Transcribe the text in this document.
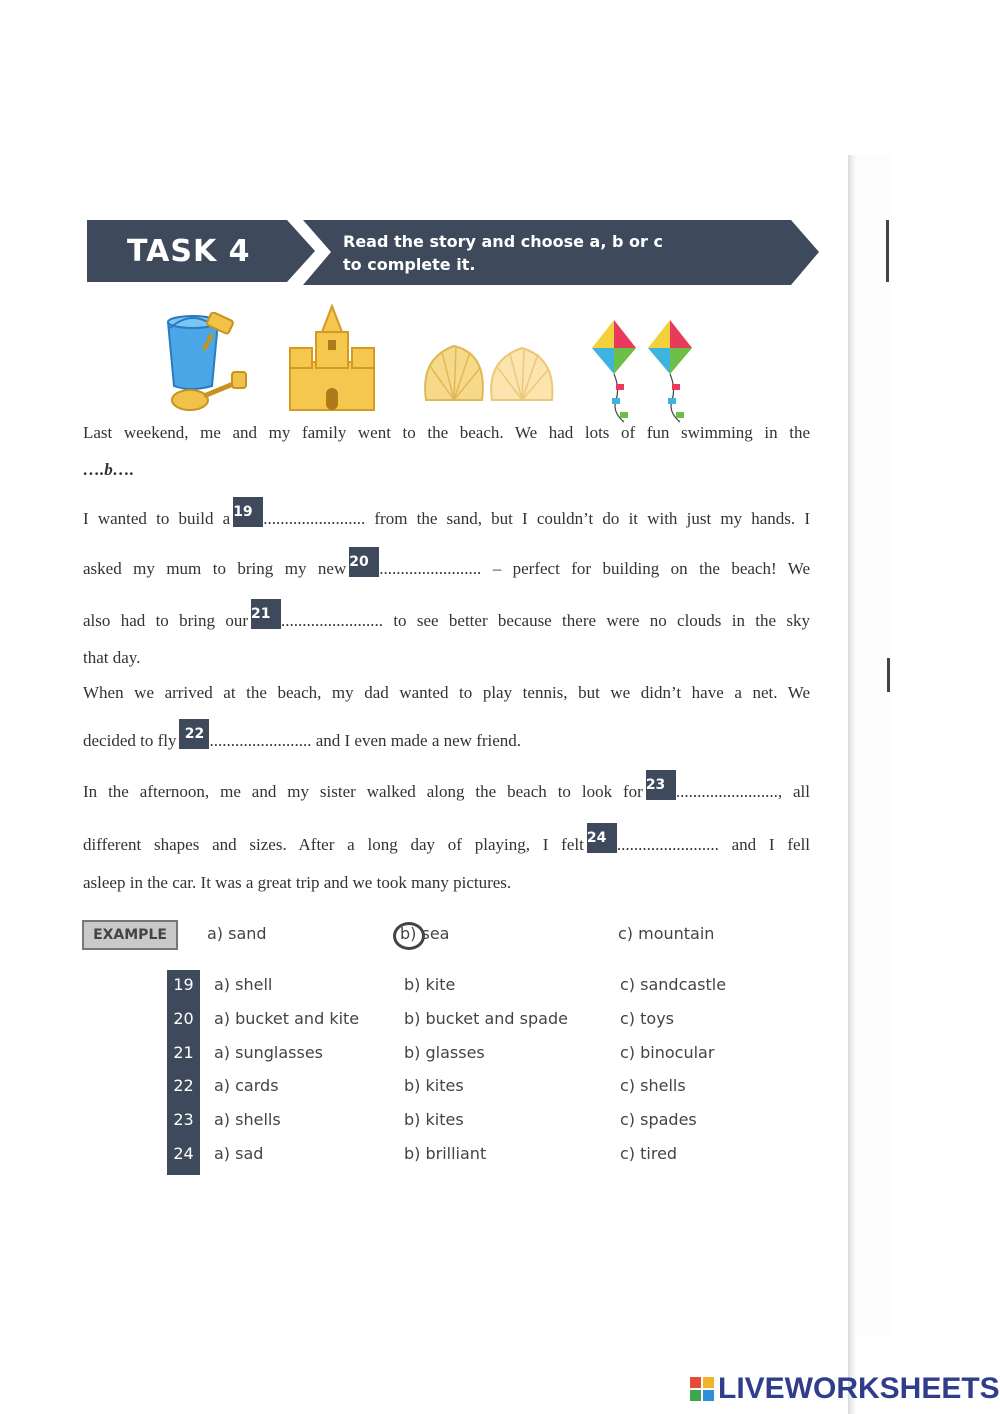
TASK 4	Read the story and choose a, b or c
to complete it.
Last weekend, me and my family went to the beach. We had lots of fun swimming in the
….b….
I wanted to build a 19 ........................ from the sand, but I couldn’t do it with just my hands. I
asked my mum to bring my new 20 ........................ – perfect for building on the beach! We
also had to bring our 21 ........................ to see better because there were no clouds in the sky
that day.
When we arrived at the beach, my dad wanted to play tennis, but we didn’t have a net. We
decided to fly 22 ........................ and I even made a new friend.
In the afternoon, me and my sister walked along the beach to look for 23 ........................, all
different shapes and sizes. After a long day of playing, I felt 24 ........................ and I fell
asleep in the car. It was a great trip and we took many pictures.
EXAMPLE	a) sand	b) sea	c) mountain
19	a) shell	b) kite	c) sandcastle
20	a) bucket and kite	b) bucket and spade	c) toys
21	a) sunglasses	b) glasses	c) binocular
22	a) cards	b) kites	c) shells
23	a) shells	b) kites	c) spades
24	a) sad	b) brilliant	c) tired
LIVEWORKSHEETS
